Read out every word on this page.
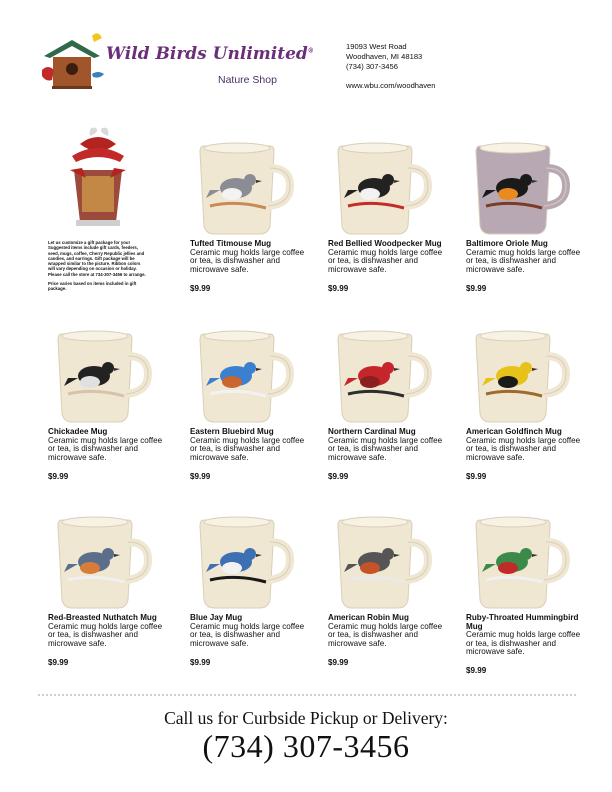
Wild Birds Unlimited®
Nature Shop
19093 West Road
Woodhaven, MI 48183
(734) 307-3456
www.wbu.com/woodhaven

Let us customize a gift package for you! Suggested items include gift cards, feeders, seed, mugs, coffee, Cherry Republic jellies and candies, and earrings. Gift package will be wrapped similar to the picture. Ribbon colors will vary depending on occasion or holiday. Please call the store at 734-307-3456 to arrange.

Price varies based on items included in gift package.

Tufted Titmouse Mug
Ceramic mug holds large coffee or tea, is dishwasher and microwave safe.
$9.99
Red Bellied Woodpecker Mug
Ceramic mug holds large coffee or tea, is dishwasher and microwave safe.
$9.99
Baltimore Oriole Mug
Ceramic mug holds large coffee or tea, is dishwasher and microwave safe.
$9.99
Chickadee Mug
Ceramic mug holds large coffee or tea, is dishwasher and microwave safe.
$9.99
Eastern Bluebird Mug
Ceramic mug holds large coffee or tea, is dishwasher and microwave safe.
$9.99
Northern Cardinal Mug
Ceramic mug holds large coffee or tea, is dishwasher and microwave safe.
$9.99
American Goldfinch Mug
Ceramic mug holds large coffee or tea, is dishwasher and microwave safe.
$9.99
Red-Breasted Nuthatch Mug
Ceramic mug holds large coffee or tea, is dishwasher and microwave safe.
$9.99
Blue Jay Mug
Ceramic mug holds large coffee or tea, is dishwasher and microwave safe.
$9.99
American Robin Mug
Ceramic mug holds large coffee or tea, is dishwasher and microwave safe.
$9.99
Ruby-Throated Hummingbird Mug
Ceramic mug holds large coffee or tea, is dishwasher and microwave safe.
$9.99
Call us for Curbside Pickup or Delivery:
(734) 307-3456
